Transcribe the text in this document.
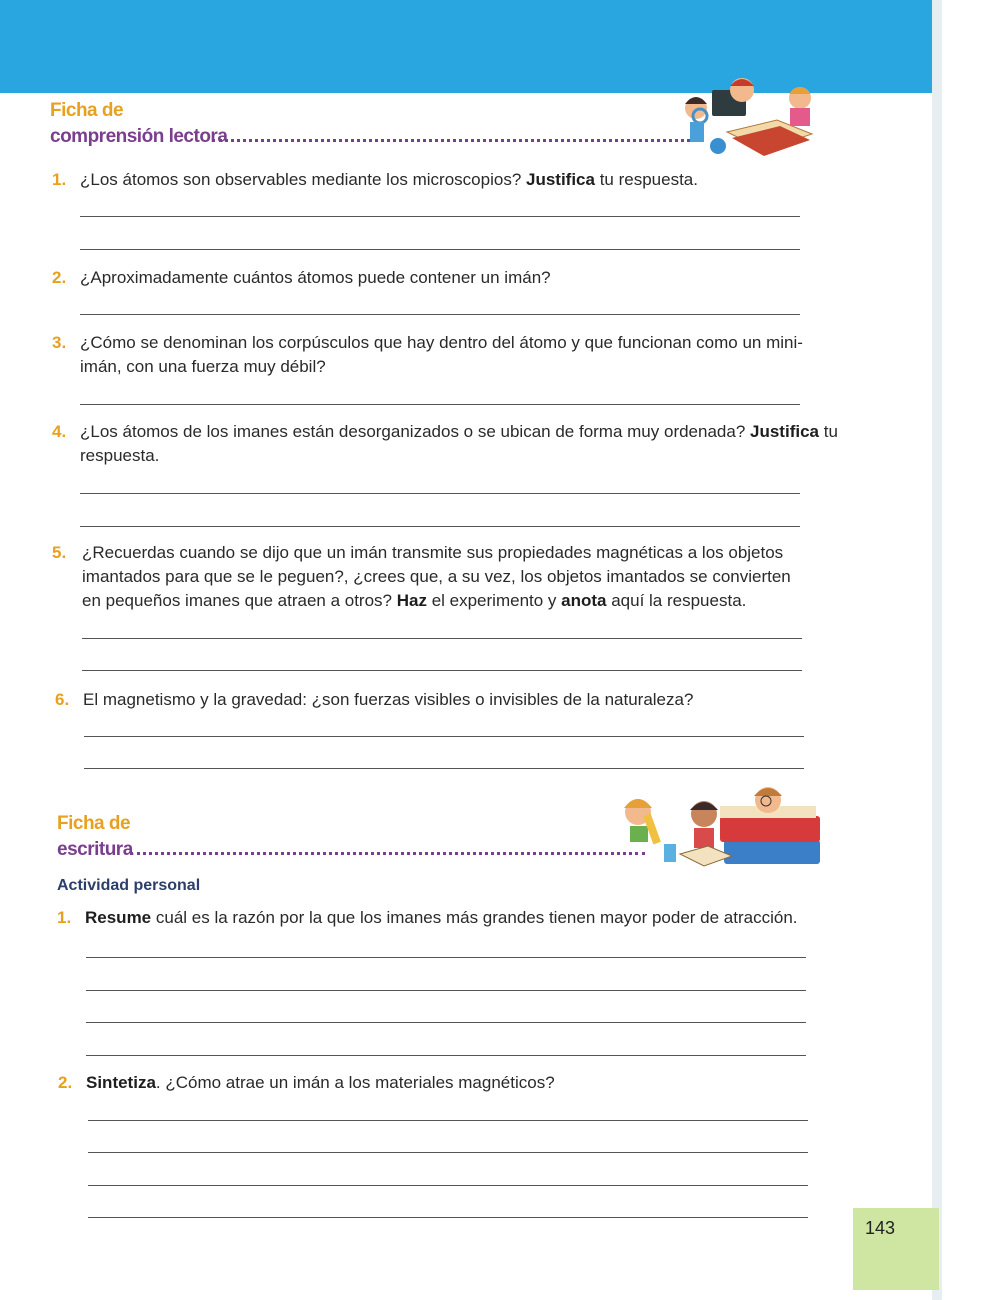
Ficha de
comprensión lectora
1. ¿Los átomos son observables mediante los microscopios? Justifica tu respuesta.
2. ¿Aproximadamente cuántos átomos puede contener un imán?
3. ¿Cómo se denominan los corpúsculos que hay dentro del átomo y que funcionan como un mini-imán, con una fuerza muy débil?
4. ¿Los átomos de los imanes están desorganizados o se ubican de forma muy ordenada? Justifica tu respuesta.
5. ¿Recuerdas cuando se dijo que un imán transmite sus propiedades magnéticas a los objetos imantados para que se le peguen?, ¿crees que, a su vez, los objetos imantados se convierten en pequeños imanes que atraen a otros? Haz el experimento y anota aquí la respuesta.
6. El magnetismo y la gravedad: ¿son fuerzas visibles o invisibles de la naturaleza?
Ficha de
escritura
Actividad personal
1. Resume cuál es la razón por la que los imanes más grandes tienen mayor poder de atracción.
2. Sintetiza. ¿Cómo atrae un imán a los materiales magnéticos?
143
